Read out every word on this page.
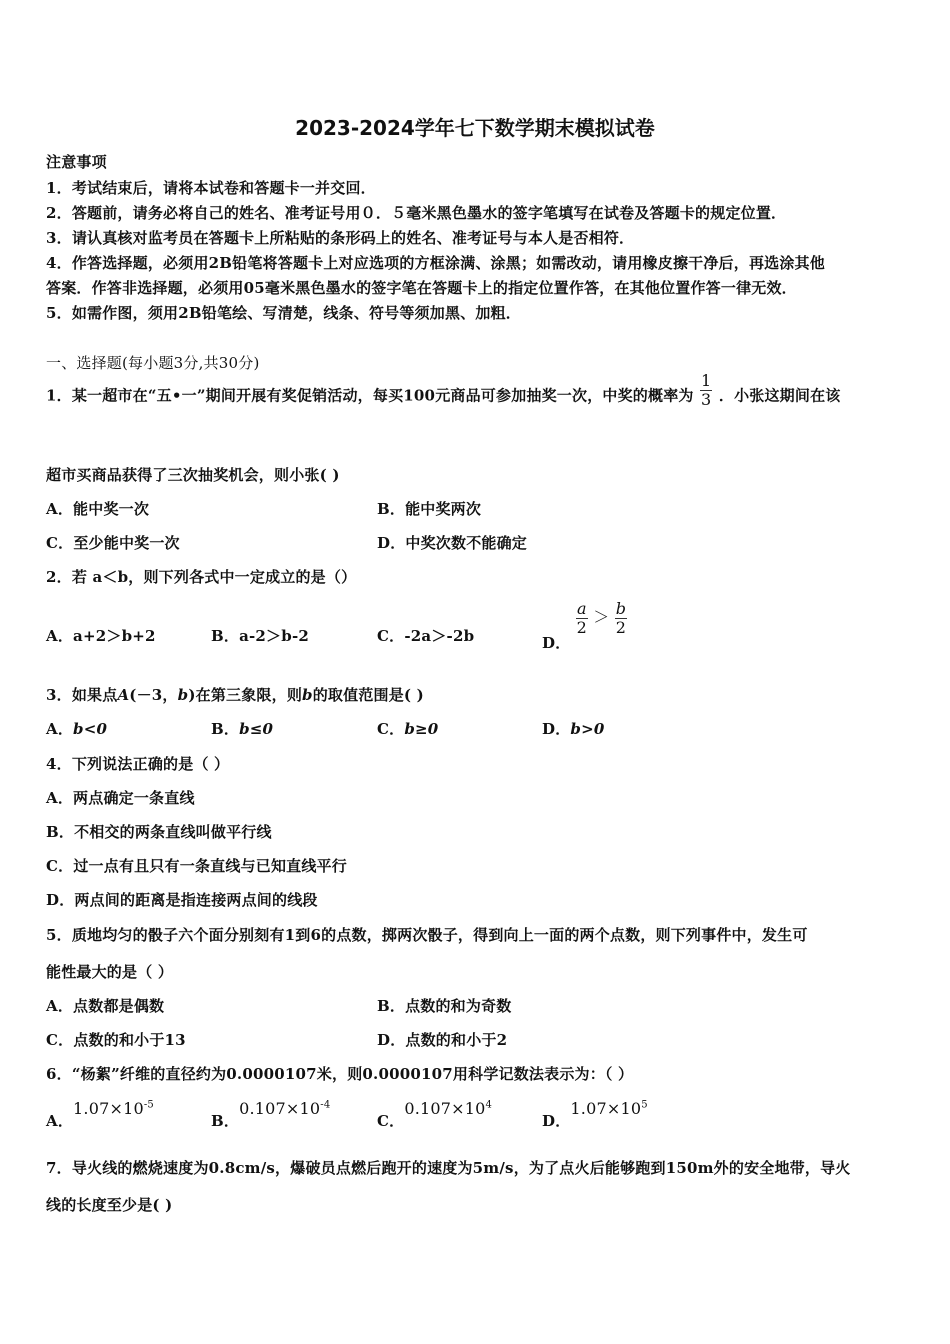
2023-2024学年七下数学期末模拟试卷
注意事项
1．考试结束后，请将本试卷和答题卡一并交回．
2．答题前，请务必将自己的姓名、准考证号用０．５毫米黑色墨水的签字笔填写在试卷及答题卡的规定位置．
3．请认真核对监考员在答题卡上所粘贴的条形码上的姓名、准考证号与本人是否相符．
4．作答选择题，必须用2B铅笔将答题卡上对应选项的方框涂满、涂黑；如需改动，请用橡皮擦干净后，再选涂其他
答案．作答非选择题，必须用05毫米黑色墨水的签字笔在答题卡上的指定位置作答，在其他位置作答一律无效．
5．如需作图，须用2B铅笔绘、写清楚，线条、符号等须加黑、加粗．
一、选择题(每小题3分,共30分)
1．某一超市在“五•一”期间开展有奖促销活动，每买100元商品可参加抽奖一次，中奖的概率为 $\frac{1}{3}$ ．小张这期间在该
超市买商品获得了三次抽奖机会，则小张( )
A．能中奖一次	B．能中奖两次
C．至少能中奖一次	D．中奖次数不能确定
2．若 a＜b，则下列各式中一定成立的是（）
A．a+2＞b+2	B．a-2＞b-2	C．-2a＞-2b	D．
$\frac{a}{2} > \frac{b}{2}$
3．如果点A(－3，b)在第三象限，则b的取值范围是( )
A．b<0	B．b≤0	C．b≥0	D．b>0
4．下列说法正确的是（ ）
A．两点确定一条直线
B．不相交的两条直线叫做平行线
C．过一点有且只有一条直线与已知直线平行
D．两点间的距离是指连接两点间的线段
5．质地均匀的骰子六个面分别刻有1到6的点数，掷两次骰子，得到向上一面的两个点数，则下列事件中，发生可
能性最大的是（ ）
A．点数都是偶数	B．点数的和为奇数
C．点数的和小于13	D．点数的和小于2
6．“杨絮”纤维的直径约为0.0000107米，则0.0000107用科学记数法表示为：（ ）
A．$1.07\times 10^{-5}$
B．$0.107\times 10^{-4}$
C．$0.107\times 10^4$
D．$1.07\times 10^5$
7．导火线的燃烧速度为0.8cm/s，爆破员点燃后跑开的速度为5m/s，为了点火后能够跑到150m外的安全地带，导火
线的长度至少是( )
